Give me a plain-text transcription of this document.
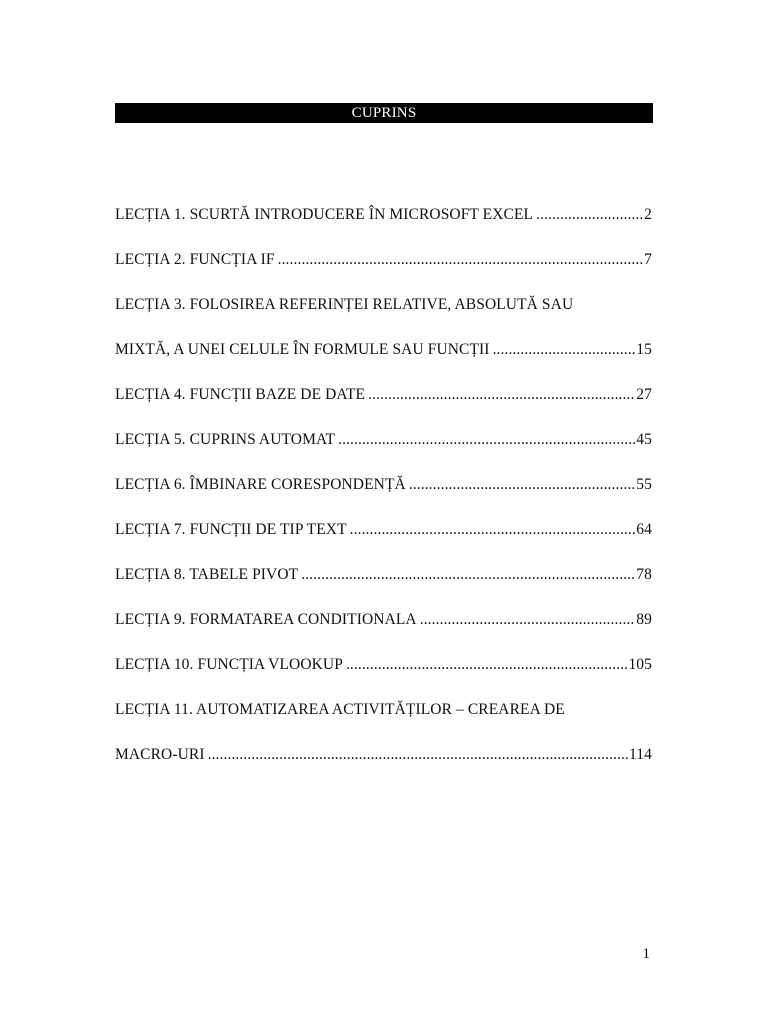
CUPRINS
LECȚIA 1. SCURTĂ INTRODUCERE ÎN MICROSOFT EXCEL .....	2
LECȚIA 2. FUNCȚIA IF .....	7
LECȚIA 3. FOLOSIREA REFERINȚEI RELATIVE, ABSOLUTĂ SAU
MIXTĂ, A UNEI CELULE ÎN FORMULE SAU FUNCȚII .....	15
LECȚIA 4. FUNCȚII BAZE DE DATE .....	27
LECȚIA 5. CUPRINS AUTOMAT .....	45
LECȚIA 6. ÎMBINARE CORESPONDENȚĂ .....	55
LECȚIA 7. FUNCȚII DE TIP TEXT .....	64
LECȚIA 8. TABELE PIVOT .....	78
LECȚIA 9. FORMATAREA CONDITIONALA .....	89
LECȚIA 10. FUNCȚIA VLOOKUP .....	105
LECȚIA 11. AUTOMATIZAREA ACTIVITĂȚILOR – CREAREA DE
MACRO-URI .....	114
1
